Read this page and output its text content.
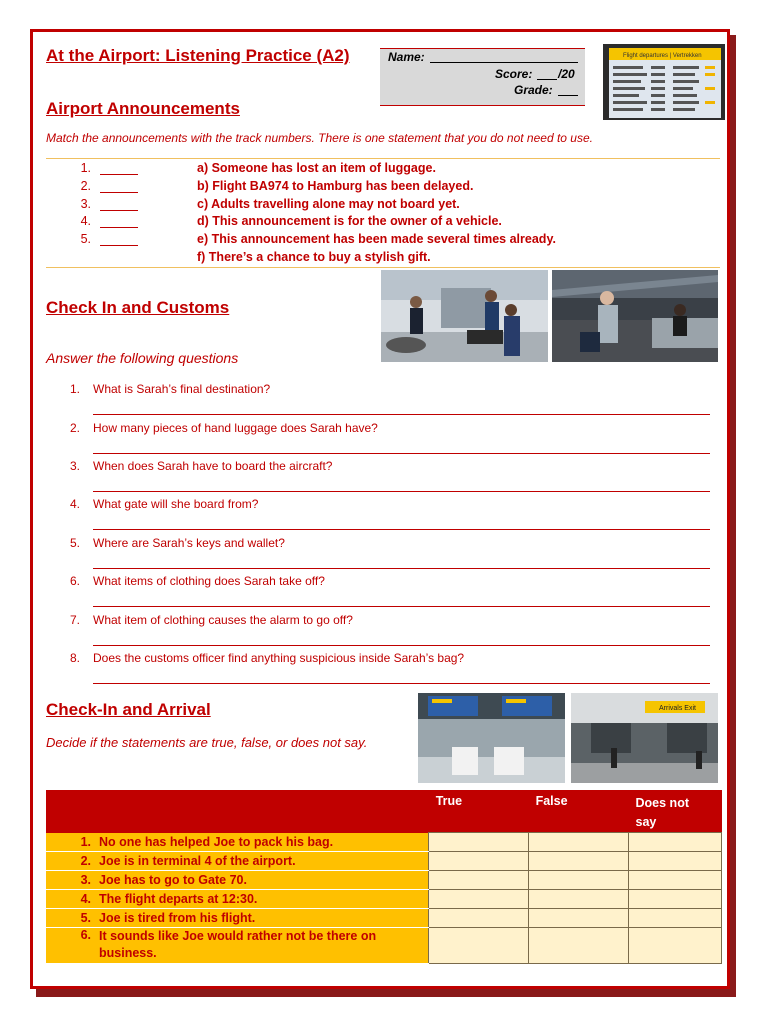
At the Airport: Listening Practice (A2)	Name:
Score: /20
Grade:
Flight departures | Vertrekken
Airport Announcements
Match the announcements with the track numbers. There is one statement that you do not need to use.
1.	a) Someone has lost an item of luggage.
2.	b) Flight BA974 to Hamburg has been delayed.
3.	c) Adults travelling alone may not board yet.
4.	d) This announcement is for the owner of a vehicle.
5.	e) This announcement has been made several times already.
f) There’s a chance to buy a stylish gift.
Check In and Customs
Answer the following questions
1. What is Sarah’s final destination?
2. How many pieces of hand luggage does Sarah have?
3. When does Sarah have to board the aircraft?
4. What gate will she board from?
5. Where are Sarah’s keys and wallet?
6. What items of clothing does Sarah take off?
7. What item of clothing causes the alarm to go off?
8. Does the customs officer find anything suspicious inside Sarah’s bag?
Check-In and Arrival
Decide if the statements are true, false, or does not say.
Arrivals Exit
	True	False	Does not say
1. No one has helped Joe to pack his bag.			
2. Joe is in terminal 4 of the airport.			
3. Joe has to go to Gate 70.			
4. The flight departs at 12:30.			
5. Joe is tired from his flight.			

6. It sounds like Joe would rather not be there on business.			
